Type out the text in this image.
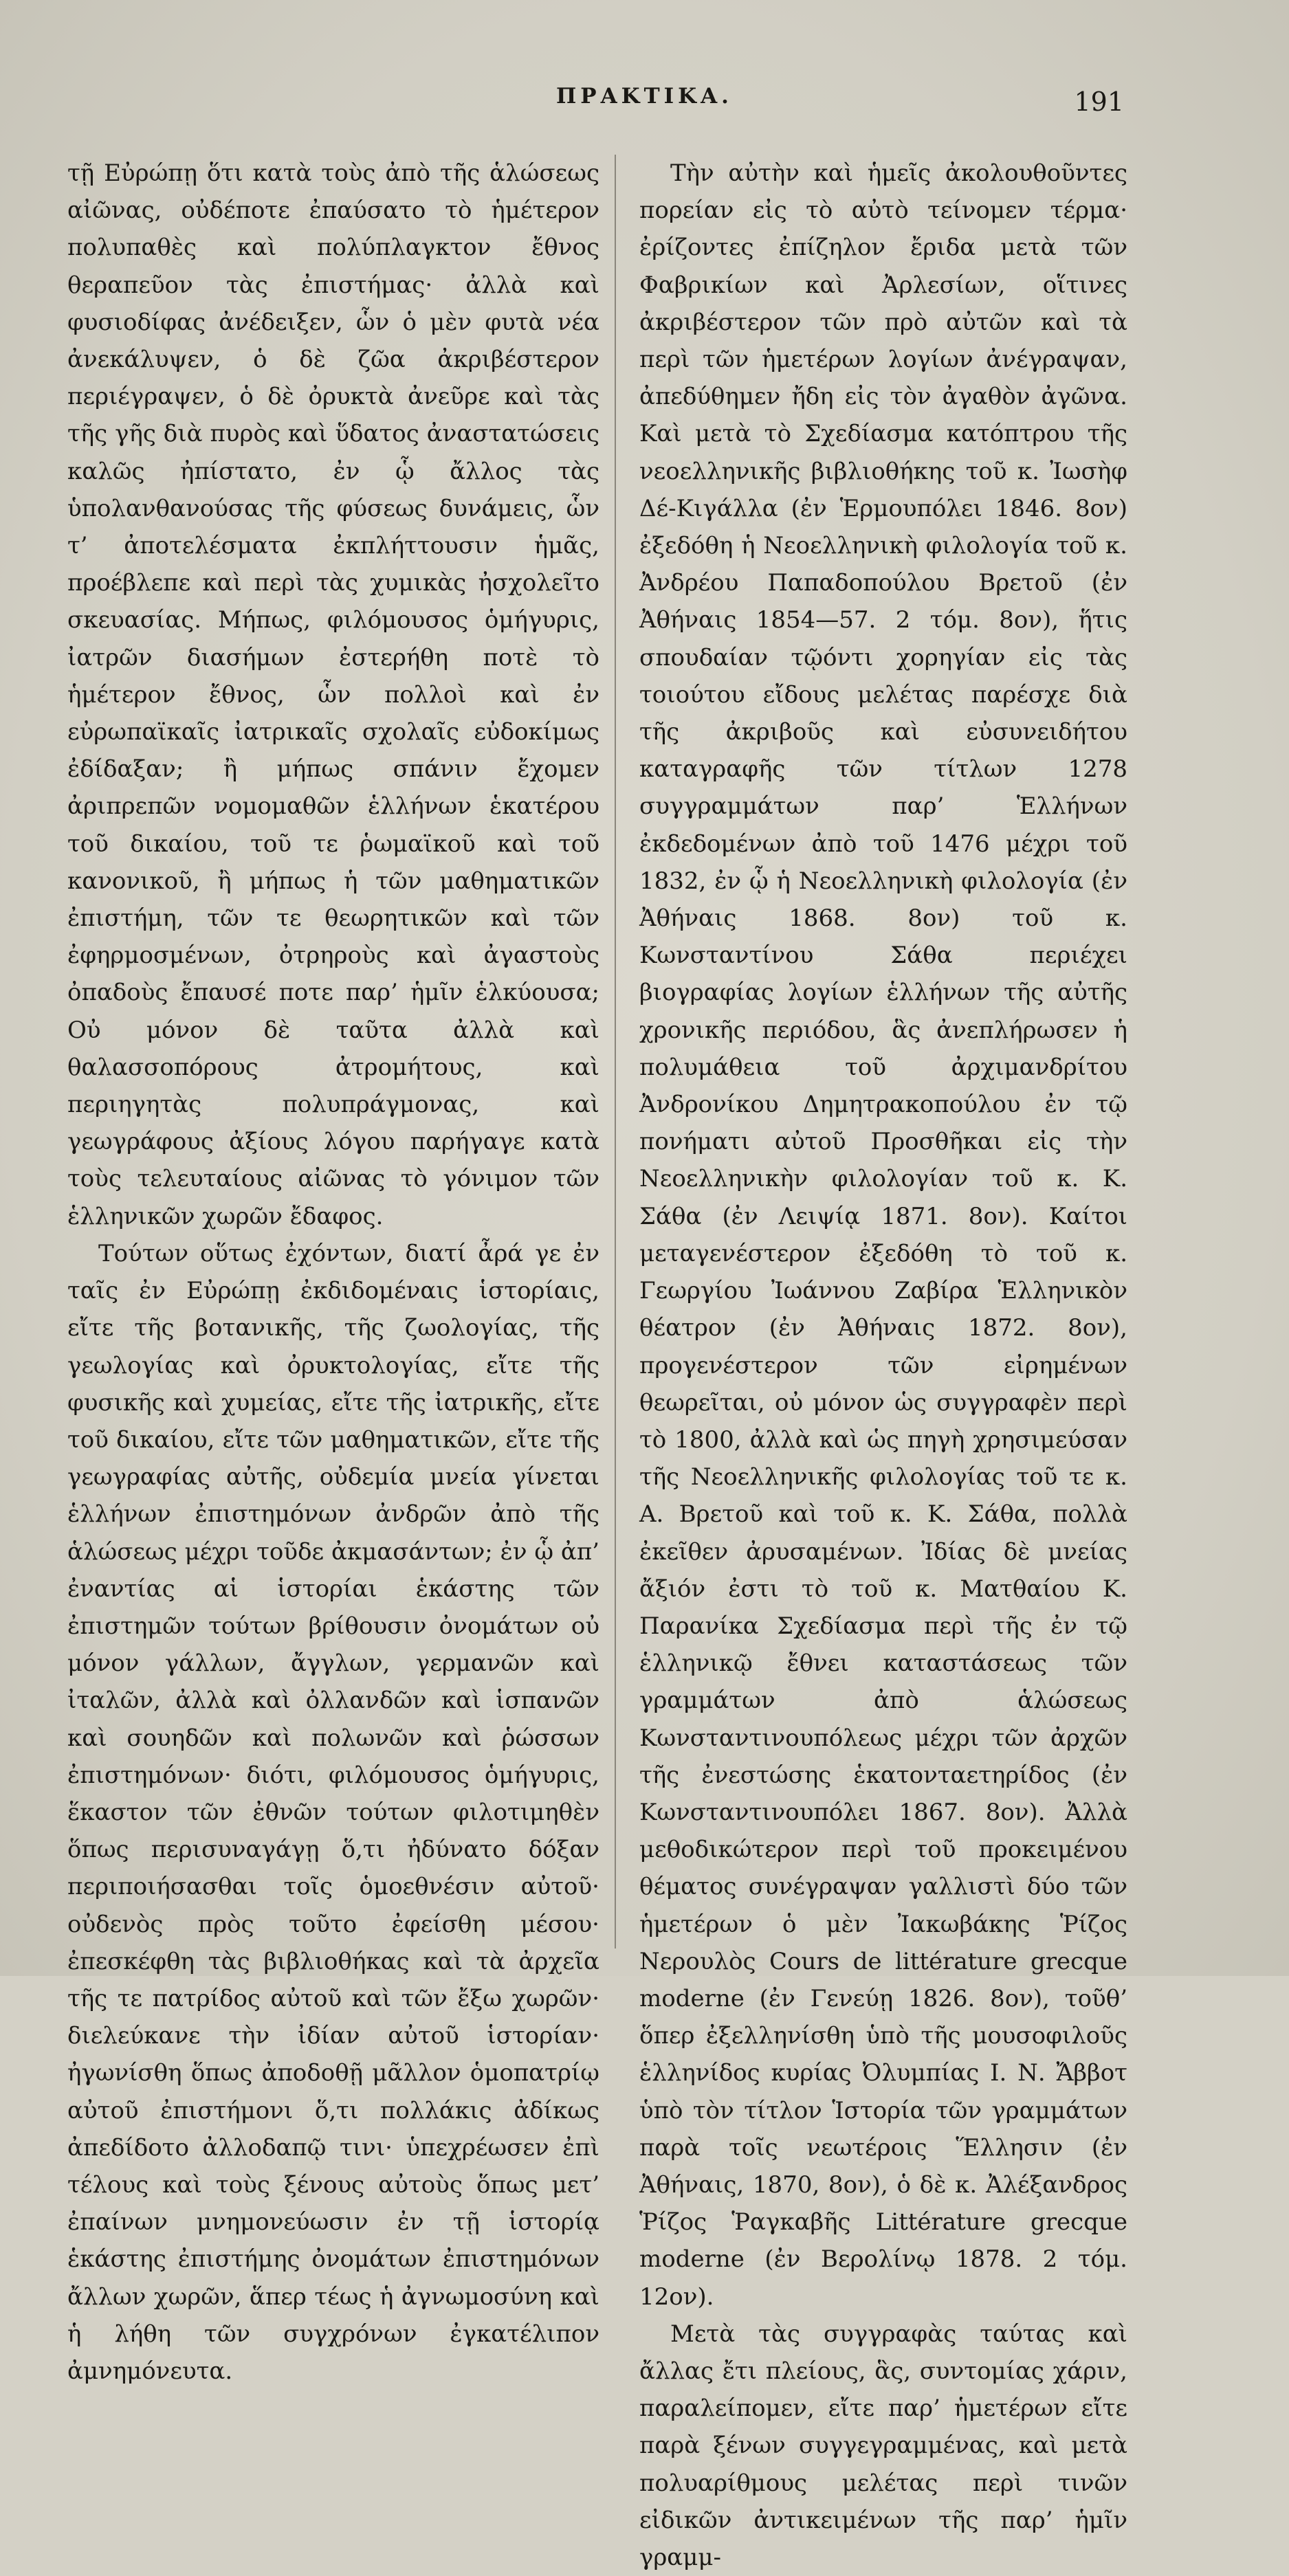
ΠΡΑΚΤΙΚΑ.	191

τῇ Εὐρώπῃ ὅτι κατὰ τοὺς ἀπὸ τῆς ἁλώσεως αἰῶνας, οὐδέποτε ἐπαύσατο τὸ ἡμέτερον πολυπαθὲς καὶ πολύπλαγκτον ἔθνος θεραπεῦον τὰς ἐπιστήμας· ἀλλὰ καὶ φυσιοδίφας ἀνέδειξεν, ὧν ὁ μὲν φυτὰ νέα ἀνεκάλυψεν, ὁ δὲ ζῶα ἀκριβέστερον περιέγραψεν, ὁ δὲ ὀρυκτὰ ἀνεῦρε καὶ τὰς τῆς γῆς διὰ πυρὸς καὶ ὕδατος ἀναστατώσεις καλῶς ἠπίστατο, ἐν ᾧ ἄλλος τὰς ὑπολανθανούσας τῆς φύσεως δυνάμεις, ὧν τ’ ἀποτελέσματα ἐκπλήττουσιν ἡμᾶς, προέβλεπε καὶ περὶ τὰς χυμικὰς ἠσχολεῖτο σκευασίας. Μήπως, φιλόμουσος ὁμήγυρις, ἰατρῶν διασήμων ἐστερήθη ποτὲ τὸ ἡμέτερον ἔθνος, ὧν πολλοὶ καὶ ἐν εὐρωπαϊκαῖς ἰατρικαῖς σχολαῖς εὐδοκίμως ἐδίδαξαν; ἢ μήπως σπάνιν ἔχομεν ἀριπρεπῶν νομομαθῶν ἑλλήνων ἑκατέρου τοῦ δικαίου, τοῦ τε ῥωμαϊκοῦ καὶ τοῦ κανονικοῦ, ἢ μήπως ἡ τῶν μαθηματικῶν ἐπιστήμη, τῶν τε θεωρητικῶν καὶ τῶν ἐφηρμοσμένων, ὀτρηροὺς καὶ ἀγαστοὺς ὀπαδοὺς ἔπαυσέ ποτε παρ’ ἡμῖν ἑλκύουσα; Οὐ μόνον δὲ ταῦτα ἀλλὰ καὶ θαλασσοπόρους ἀτρομήτους, καὶ περιηγητὰς πολυπράγμονας, καὶ γεωγράφους ἀξίους λόγου παρήγαγε κατὰ τοὺς τελευταίους αἰῶνας τὸ γόνιμον τῶν ἑλληνικῶν χωρῶν ἔδαφος.

Τούτων οὕτως ἐχόντων, διατί ἆρά γε ἐν ταῖς ἐν Εὐρώπῃ ἐκδιδομέναις ἱστορίαις, εἴτε τῆς βοτανικῆς, τῆς ζωολογίας, τῆς γεωλογίας καὶ ὀρυκτολογίας, εἴτε τῆς φυσικῆς καὶ χυμείας, εἴτε τῆς ἰατρικῆς, εἴτε τοῦ δικαίου, εἴτε τῶν μαθηματικῶν, εἴτε τῆς γεωγραφίας αὐτῆς, οὐδεμία μνεία γίνεται ἑλλήνων ἐπιστημόνων ἀνδρῶν ἀπὸ τῆς ἁλώσεως μέχρι τοῦδε ἀκμασάντων; ἐν ᾧ ἀπ’ ἐναντίας αἱ ἱστορίαι ἑκάστης τῶν ἐπιστημῶν τούτων βρίθουσιν ὀνομάτων οὐ μόνον γάλλων, ἄγγλων, γερμανῶν καὶ ἰταλῶν, ἀλλὰ καὶ ὀλλανδῶν καὶ ἱσπανῶν καὶ σουηδῶν καὶ πολωνῶν καὶ ῥώσσων ἐπιστημόνων· διότι, φιλόμουσος ὁμήγυρις, ἕκαστον τῶν ἐθνῶν τούτων φιλοτιμηθὲν ὅπως περισυναγάγῃ ὅ,τι ἠδύνατο δόξαν περιποιήσασθαι τοῖς ὁμοεθνέσιν αὐτοῦ· οὐδενὸς πρὸς τοῦτο ἐφείσθη μέσου· ἐπεσκέφθη τὰς βιβλιοθήκας καὶ τὰ ἀρχεῖα τῆς τε πατρίδος αὐτοῦ καὶ τῶν ἔξω χωρῶν· διελεύκανε τὴν ἰδίαν αὐτοῦ ἱστορίαν· ἠγωνίσθη ὅπως ἀποδοθῇ μᾶλλον ὁμοπατρίῳ αὐτοῦ ἐπιστήμονι ὅ,τι πολλάκις ἀδίκως ἀπεδίδοτο ἀλλοδαπῷ τινι· ὑπεχρέωσεν ἐπὶ τέλους καὶ τοὺς ξένους αὐτοὺς ὅπως μετ’ ἐπαίνων μνημονεύωσιν ἐν τῇ ἱστορίᾳ ἑκάστης ἐπιστήμης ὀνομάτων ἐπιστημόνων ἄλλων χωρῶν, ἅπερ τέως ἡ ἀγνωμοσύνη καὶ ἡ λήθη τῶν συγχρόνων ἐγκατέλιπον ἀμνημόνευτα.

Τὴν αὐτὴν καὶ ἡμεῖς ἀκολουθοῦντες πορείαν εἰς τὸ αὐτὸ τείνομεν τέρμα· ἐρίζοντες ἐπίζηλον ἔριδα μετὰ τῶν Φαβρικίων καὶ Ἀρλεσίων, οἵτινες ἀκριβέστερον τῶν πρὸ αὐτῶν καὶ τὰ περὶ τῶν ἡμετέρων λογίων ἀνέγραψαν, ἀπεδύθημεν ἤδη εἰς τὸν ἀγαθὸν ἀγῶνα. Καὶ μετὰ τὸ Σχεδίασμα κατόπτρου τῆς νεοελληνικῆς βιβλιοθήκης τοῦ κ. Ἰωσὴφ Δέ-Κιγάλλα (ἐν Ἑρμουπόλει 1846. 8ον) ἐξεδόθη ἡ Νεοελληνικὴ φιλολογία τοῦ κ. Ἀνδρέου Παπαδοπούλου Βρετοῦ (ἐν Ἀθήναις 1854—57. 2 τόμ. 8ον), ἥτις σπουδαίαν τῷόντι χορηγίαν εἰς τὰς τοιούτου εἴδους μελέτας παρέσχε διὰ τῆς ἀκριβοῦς καὶ εὐσυνειδήτου καταγραφῆς τῶν τίτλων 1278 συγγραμμάτων παρ’ Ἑλλήνων ἐκδεδομένων ἀπὸ τοῦ 1476 μέχρι τοῦ 1832, ἐν ᾧ ἡ Νεοελληνικὴ φιλολογία (ἐν Ἀθήναις 1868. 8ον) τοῦ κ. Κωνσταντίνου Σάθα περιέχει βιογραφίας λογίων ἑλλήνων τῆς αὐτῆς χρονικῆς περιόδου, ἃς ἀνεπλήρωσεν ἡ πολυμάθεια τοῦ ἀρχιμανδρίτου Ἀνδρονίκου Δημητρακοπούλου ἐν τῷ πονήματι αὐτοῦ Προσθῆκαι εἰς τὴν Νεοελληνικὴν φιλολογίαν τοῦ κ. Κ. Σάθα (ἐν Λειψίᾳ 1871. 8ον). Καίτοι μεταγενέστερον ἐξεδόθη τὸ τοῦ κ. Γεωργίου Ἰωάννου Ζαβίρα Ἑλληνικὸν θέατρον (ἐν Ἀθήναις 1872. 8ον), προγενέστερον τῶν εἰρημένων θεωρεῖται, οὐ μόνον ὡς συγγραφὲν περὶ τὸ 1800, ἀλλὰ καὶ ὡς πηγὴ χρησιμεύσαν τῆς Νεοελληνικῆς φιλολογίας τοῦ τε κ. Α. Βρετοῦ καὶ τοῦ κ. Κ. Σάθα, πολλὰ ἐκεῖθεν ἀρυσαμένων. Ἰδίας δὲ μνείας ἄξιόν ἐστι τὸ τοῦ κ. Ματθαίου Κ. Παρανίκα Σχεδίασμα περὶ τῆς ἐν τῷ ἑλληνικῷ ἔθνει καταστάσεως τῶν γραμμάτων ἀπὸ ἁλώσεως Κωνσταντινουπόλεως μέχρι τῶν ἀρχῶν τῆς ἐνεστώσης ἑκατονταετηρίδος (ἐν Κωνσταντινουπόλει 1867. 8ον). Ἀλλὰ μεθοδικώτερον περὶ τοῦ προκειμένου θέματος συνέγραψαν γαλλιστὶ δύο τῶν ἡμετέρων ὁ μὲν Ἰακωβάκης Ῥίζος Νερουλὸς Cours de littérature grecque moderne (ἐν Γενεύῃ 1826. 8ον), τοῦθ’ ὅπερ ἐξελληνίσθη ὑπὸ τῆς μουσοφιλοῦς ἑλληνίδος κυρίας Ὀλυμπίας Ι. Ν. Ἄββοτ ὑπὸ τὸν τίτλον Ἱστορία τῶν γραμμάτων παρὰ τοῖς νεωτέροις Ἕλλησιν (ἐν Ἀθήναις, 1870, 8ον), ὁ δὲ κ. Ἀλέξανδρος Ῥίζος Ῥαγκαβῆς Littérature grecque moderne (ἐν Βερολίνῳ 1878. 2 τόμ. 12ον).

Μετὰ τὰς συγγραφὰς ταύτας καὶ ἄλλας ἔτι πλείους, ἃς, συντομίας χάριν, παραλείπομεν, εἴτε παρ’ ἡμετέρων εἴτε παρὰ ξένων συγγεγραμμένας, καὶ μετὰ πολυαρίθμους μελέτας περὶ τινῶν εἰδικῶν ἀντικειμένων τῆς παρ’ ἡμῖν γραμμ-
